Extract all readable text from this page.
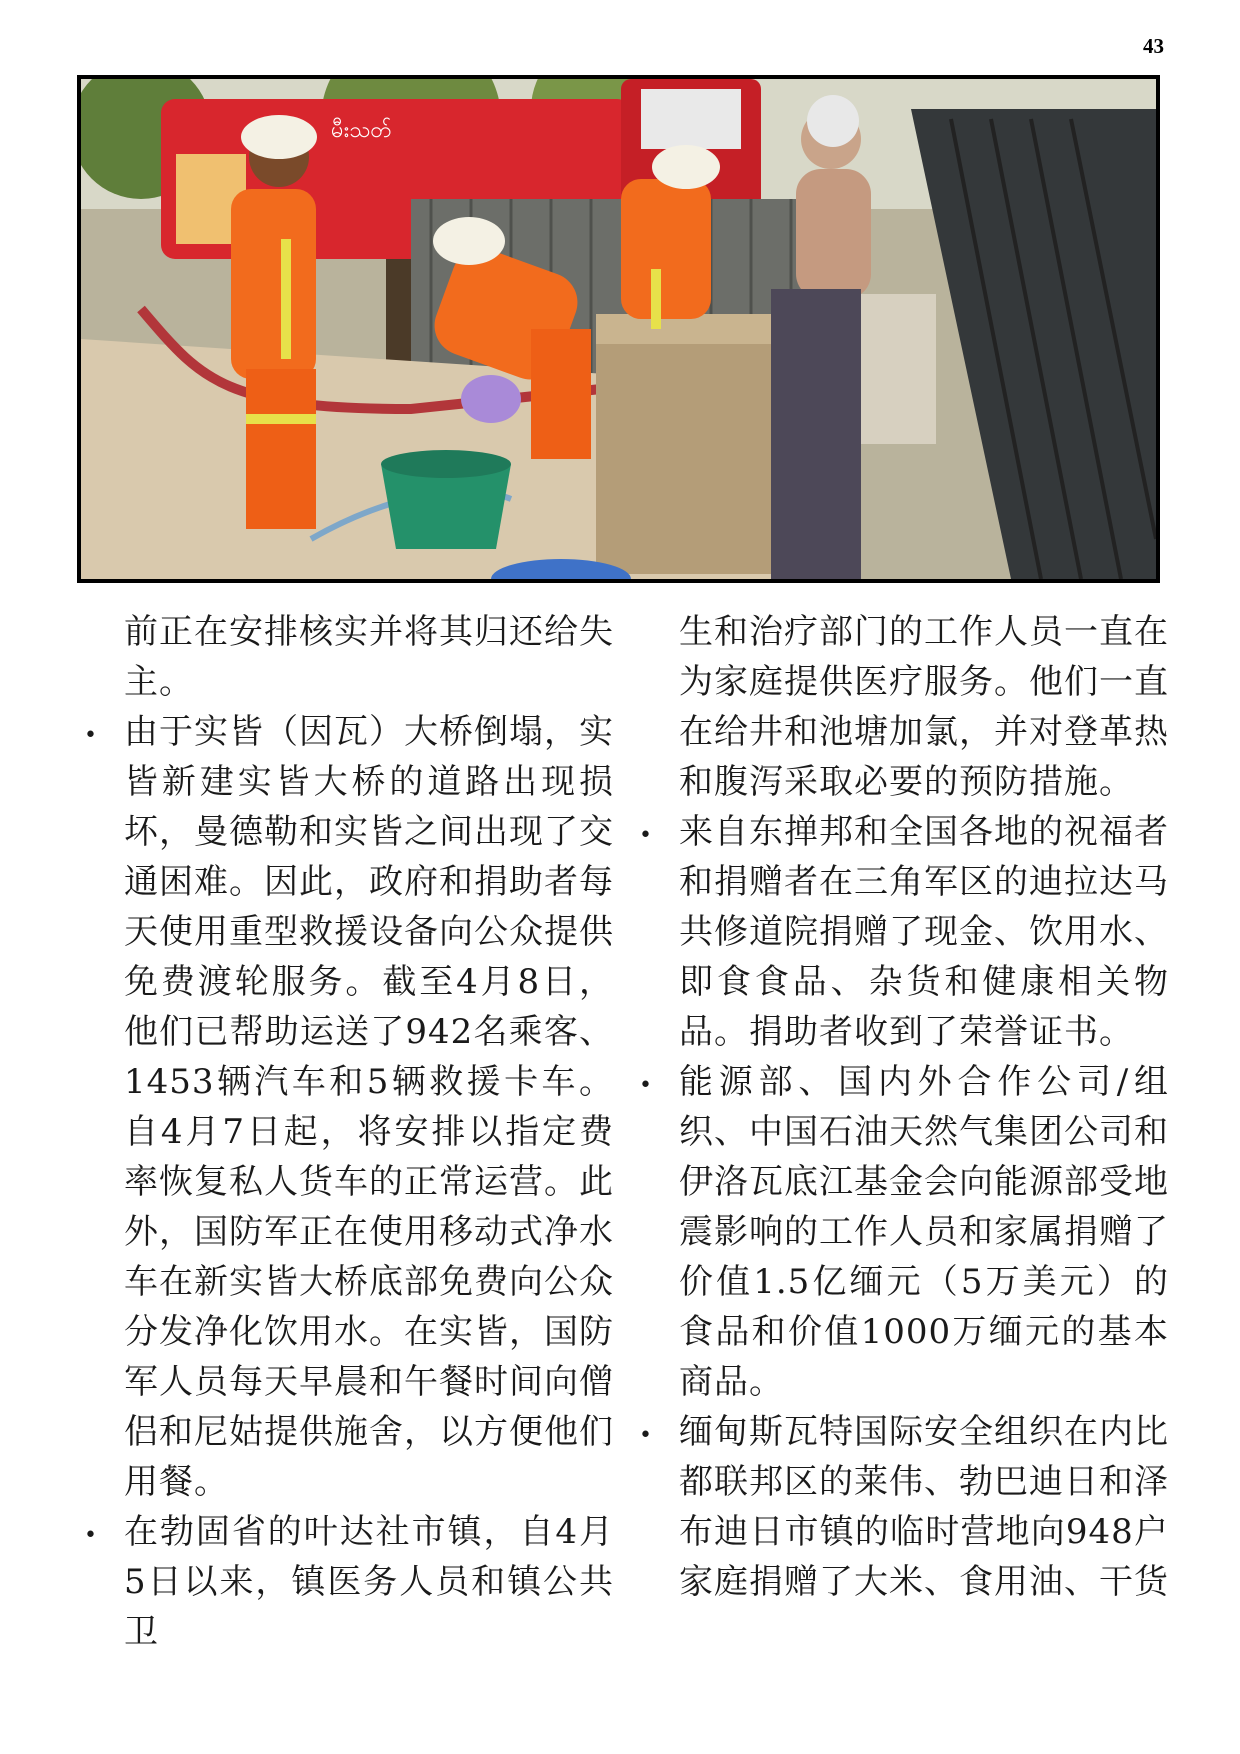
43
မီးသတ်

前正在安排核实并将其归还给失主。

• 由于实皆（因瓦）大桥倒塌，实皆新建实皆大桥的道路出现损坏，曼德勒和实皆之间出现了交通困难。因此，政府和捐助者每天使用重型救援设备向公众提供免费渡轮服务。截至4月8日，他们已帮助运送了942名乘客、1453辆汽车和5辆救援卡车。自4月7日起，将安排以指定费率恢复私人货车的正常运营。此外，国防军正在使用移动式净水车在新实皆大桥底部免费向公众分发净化饮用水。在实皆，国防军人员每天早晨和午餐时间向僧侣和尼姑提供施舍，以方便他们用餐。

• 在勃固省的叶达社市镇，自4月5日以来，镇医务人员和镇公共卫

生和治疗部门的工作人员一直在为家庭提供医疗服务。他们一直在给井和池塘加氯，并对登革热和腹泻采取必要的预防措施。

• 来自东掸邦和全国各地的祝福者和捐赠者在三角军区的迪拉达马共修道院捐赠了现金、饮用水、即食食品、杂货和健康相关物品。捐助者收到了荣誉证书。

• 能源部、国内外合作公司/组织、中国石油天然气集团公司和伊洛瓦底江基金会向能源部受地震影响的工作人员和家属捐赠了价值1.5亿缅元（5万美元）的食品和价值1000万缅元的基本商品。

• 缅甸斯瓦特国际安全组织在内比都联邦区的莱伟、勃巴迪日和泽布迪日市镇的临时营地向948户家庭捐赠了大米、食用油、干货
